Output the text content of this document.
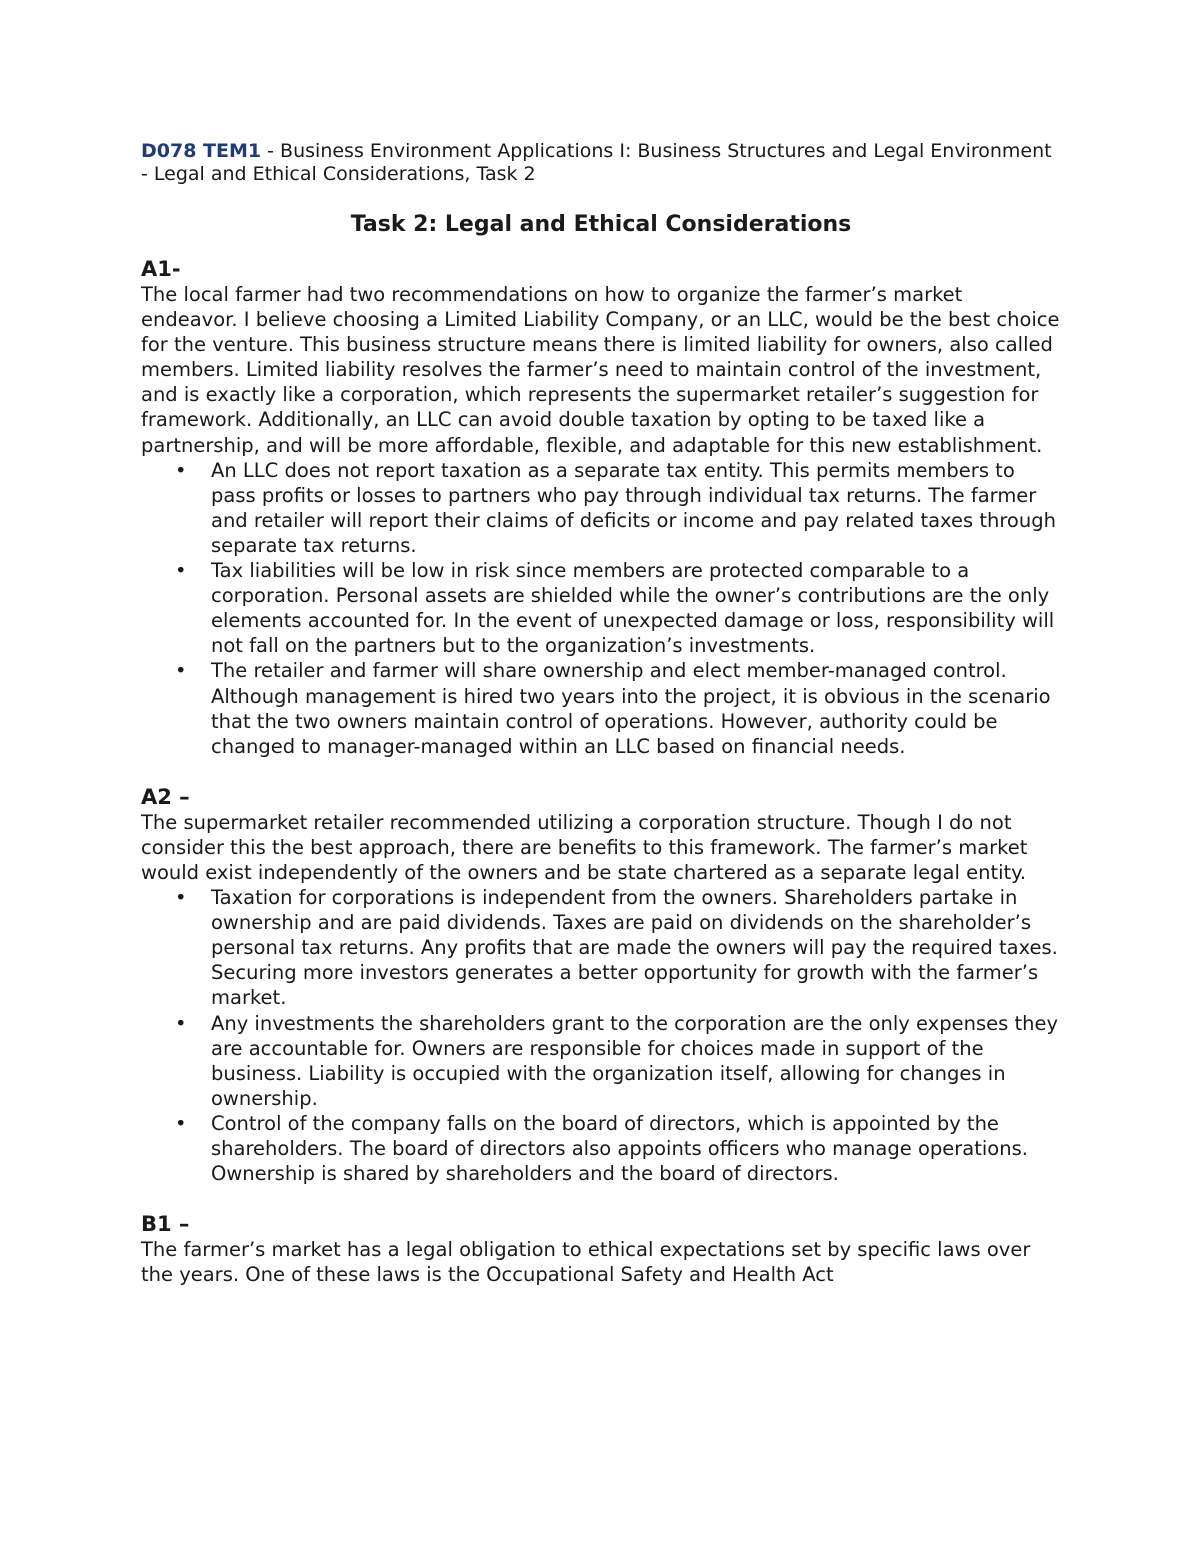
D078 TEM1 - Business Environment Applications I: Business Structures and Legal Environment - Legal and Ethical Considerations, Task 2

Task 2: Legal and Ethical Considerations
A1-

The local farmer had two recommendations on how to organize the farmer’s market endeavor. I believe choosing a Limited Liability Company, or an LLC, would be the best choice for the venture. This business structure means there is limited liability for owners, also called members. Limited liability resolves the farmer’s need to maintain control of the investment, and is exactly like a corporation, which represents the supermarket retailer’s suggestion for framework. Additionally, an LLC can avoid double taxation by opting to be taxed like a partnership, and will be more affordable, flexible, and adaptable for this new establishment.

• An LLC does not report taxation as a separate tax entity. This permits members to pass profits or losses to partners who pay through individual tax returns. The farmer and retailer will report their claims of deficits or income and pay related taxes through separate tax returns.
• Tax liabilities will be low in risk since members are protected comparable to a corporation. Personal assets are shielded while the owner’s contributions are the only elements accounted for. In the event of unexpected damage or loss, responsibility will not fall on the partners but to the organization’s investments.
• The retailer and farmer will share ownership and elect member-managed control. Although management is hired two years into the project, it is obvious in the scenario that the two owners maintain control of operations. However, authority could be changed to manager-managed within an LLC based on financial needs.
A2 –

The supermarket retailer recommended utilizing a corporation structure. Though I do not consider this the best approach, there are benefits to this framework. The farmer’s market would exist independently of the owners and be state chartered as a separate legal entity.

• Taxation for corporations is independent from the owners. Shareholders partake in ownership and are paid dividends. Taxes are paid on dividends on the shareholder’s personal tax returns. Any profits that are made the owners will pay the required taxes. Securing more investors generates a better opportunity for growth with the farmer’s market.
• Any investments the shareholders grant to the corporation are the only expenses they are accountable for. Owners are responsible for choices made in support of the business. Liability is occupied with the organization itself, allowing for changes in ownership.
• Control of the company falls on the board of directors, which is appointed by the shareholders. The board of directors also appoints officers who manage operations. Ownership is shared by shareholders and the board of directors.
B1 –

The farmer’s market has a legal obligation to ethical expectations set by specific laws over the years. One of these laws is the Occupational Safety and Health Act
